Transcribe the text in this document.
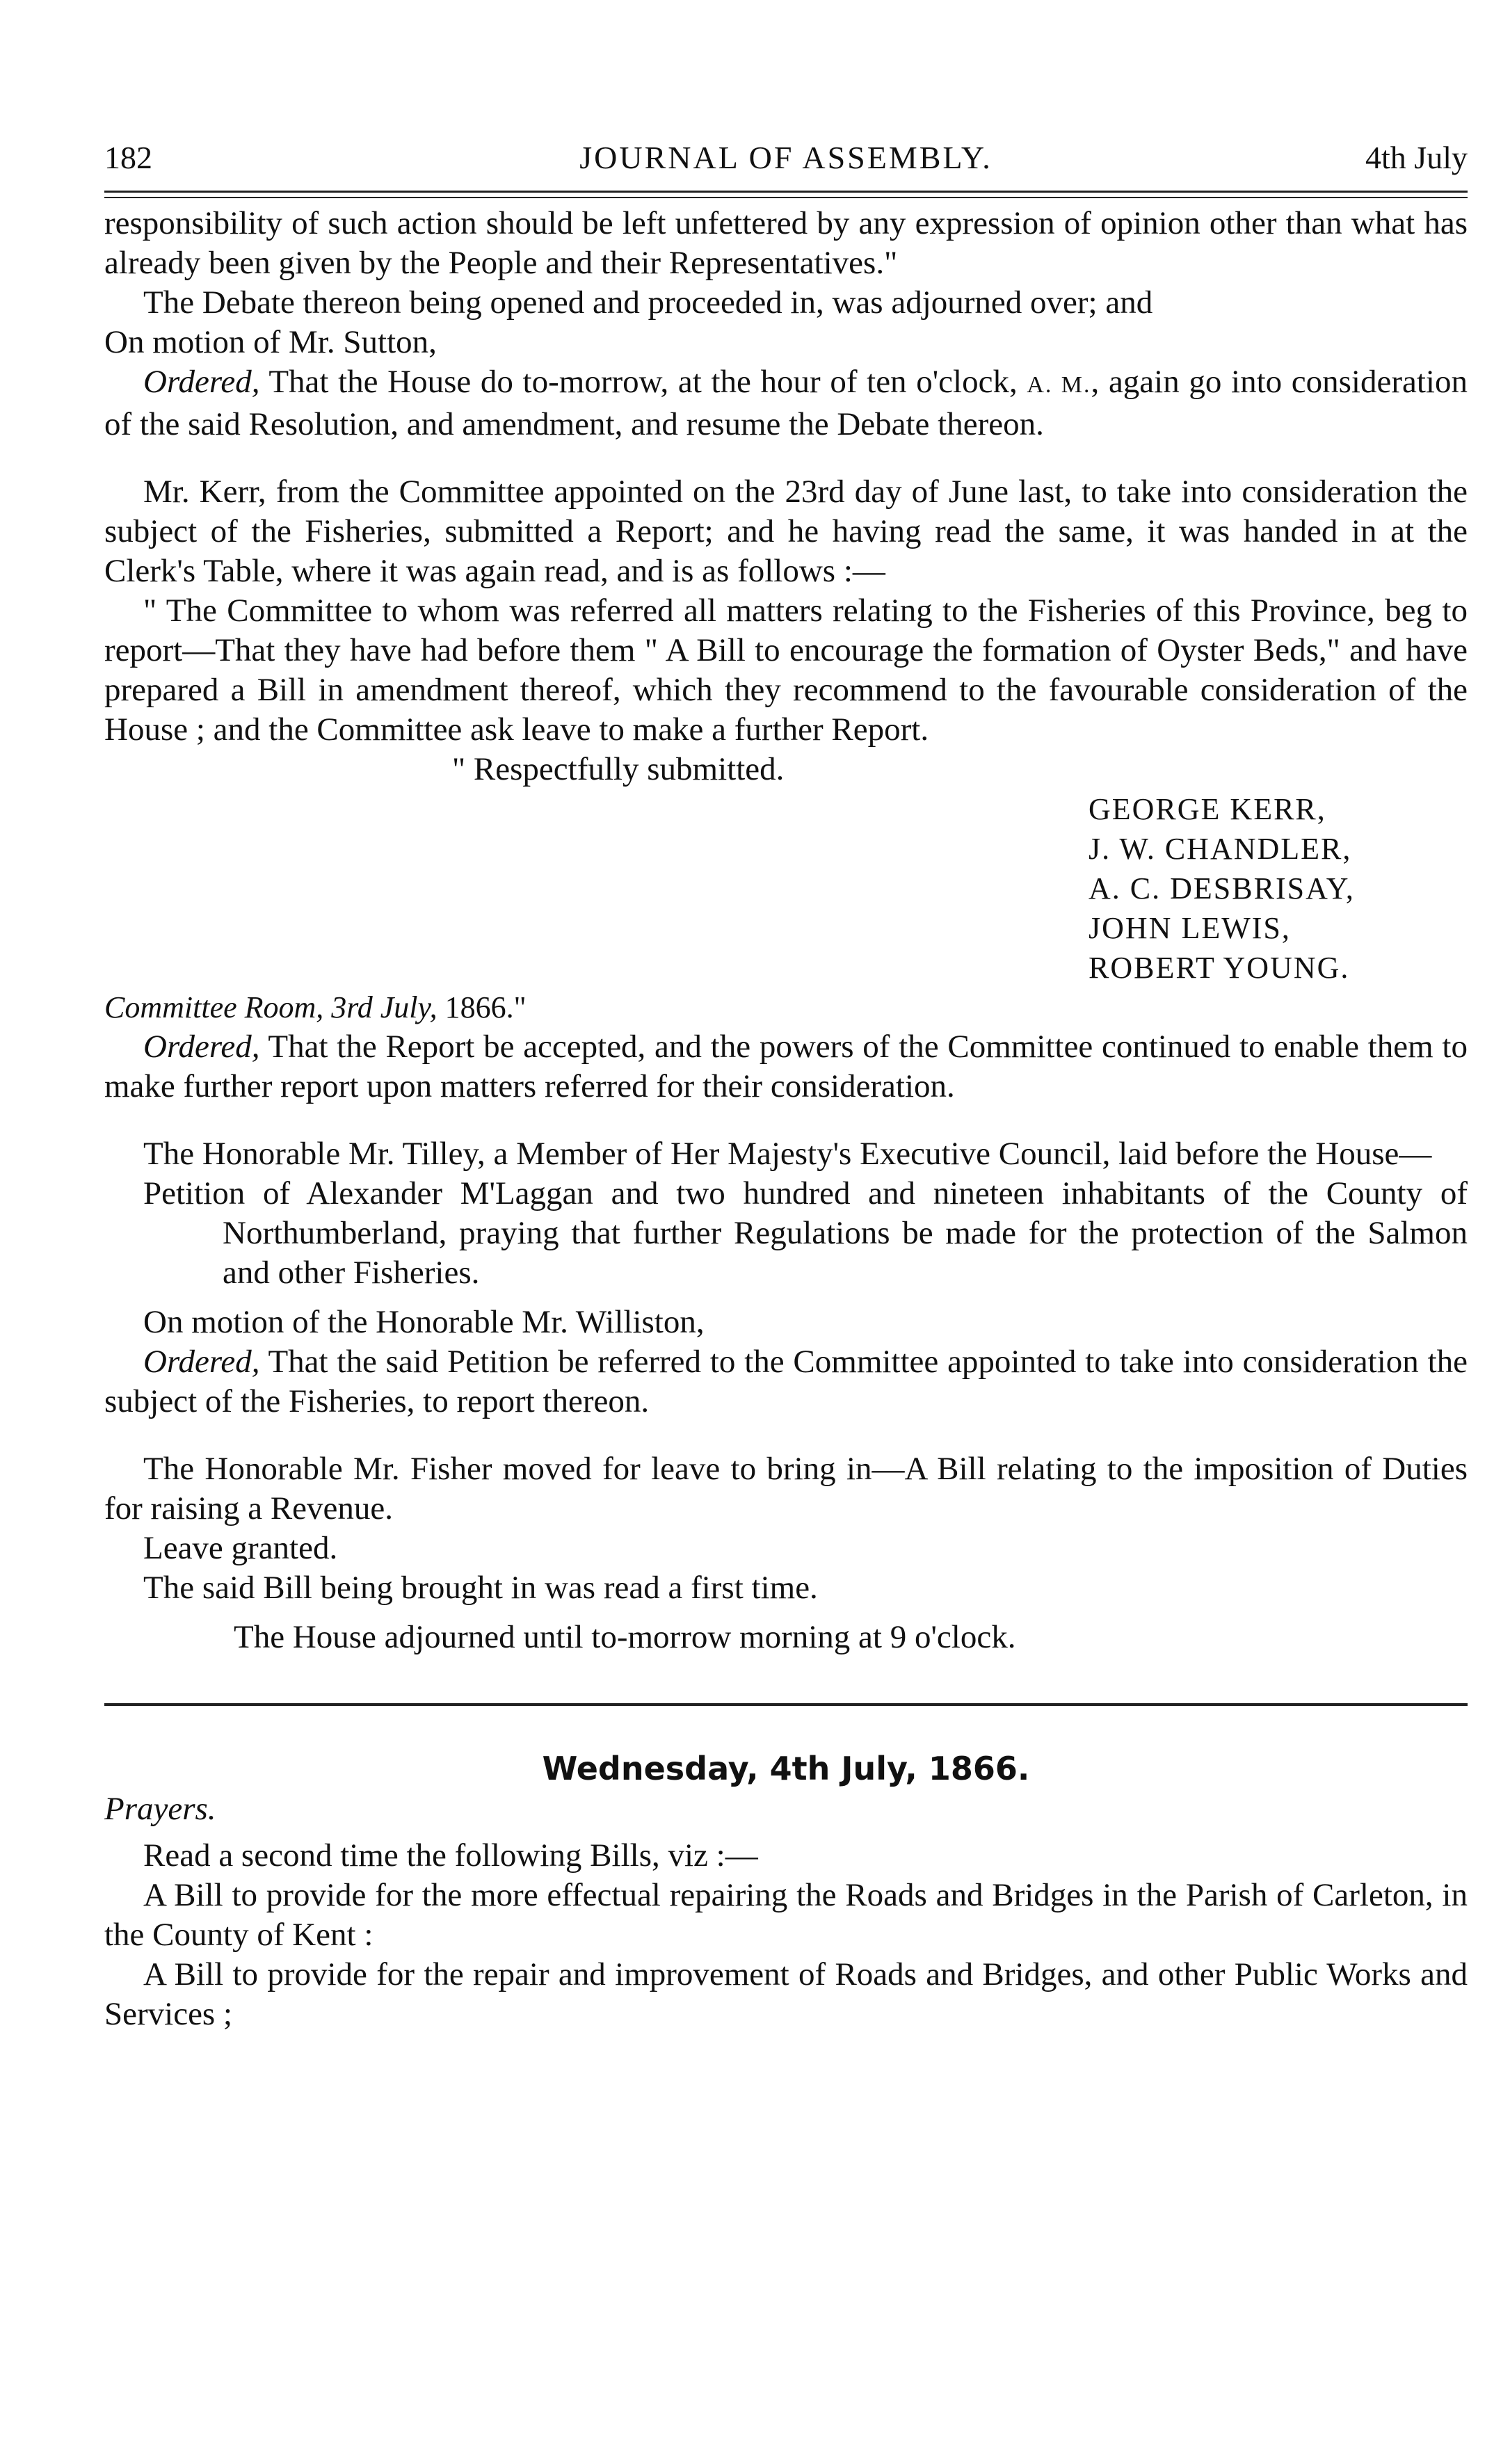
182	JOURNAL OF ASSEMBLY.	4th July

responsibility of such action should be left unfettered by any expression of opinion other than what has already been given by the People and their Representatives."

The Debate thereon being opened and proceeded in, was adjourned over; and

On motion of Mr. Sutton,

Ordered, That the House do to-morrow, at the hour of ten o'clock, A. M., again go into consideration of the said Resolution, and amendment, and resume the Debate thereon.

Mr. Kerr, from the Committee appointed on the 23rd day of June last, to take into consideration the subject of the Fisheries, submitted a Report; and he having read the same, it was handed in at the Clerk's Table, where it was again read, and is as follows :—

" The Committee to whom was referred all matters relating to the Fisheries of this Province, beg to report—That they have had before them " A Bill to encourage the formation of Oyster Beds," and have prepared a Bill in amendment thereof, which they recommend to the favourable consideration of the House ; and the Committee ask leave to make a further Report.

" Respectfully submitted.

GEORGE KERR,
J. W. CHANDLER,
A. C. DESBRISAY,
JOHN LEWIS,
ROBERT YOUNG.

Committee Room, 3rd July, 1866."

Ordered, That the Report be accepted, and the powers of the Committee continued to enable them to make further report upon matters referred for their consideration.

The Honorable Mr. Tilley, a Member of Her Majesty's Executive Council, laid before the House—

Petition of Alexander M'Laggan and two hundred and nineteen inhabitants of the County of Northumberland, praying that further Regulations be made for the protection of the Salmon and other Fisheries.

On motion of the Honorable Mr. Williston,

Ordered, That the said Petition be referred to the Committee appointed to take into consideration the subject of the Fisheries, to report thereon.

The Honorable Mr. Fisher moved for leave to bring in—A Bill relating to the imposition of Duties for raising a Revenue.

Leave granted.

The said Bill being brought in was read a first time.

The House adjourned until to-morrow morning at 9 o'clock.

Wednesday, 4th July, 1866.

Prayers.

Read a second time the following Bills, viz :—

A Bill to provide for the more effectual repairing the Roads and Bridges in the Parish of Carleton, in the County of Kent :

A Bill to provide for the repair and improvement of Roads and Bridges, and other Public Works and Services ;
